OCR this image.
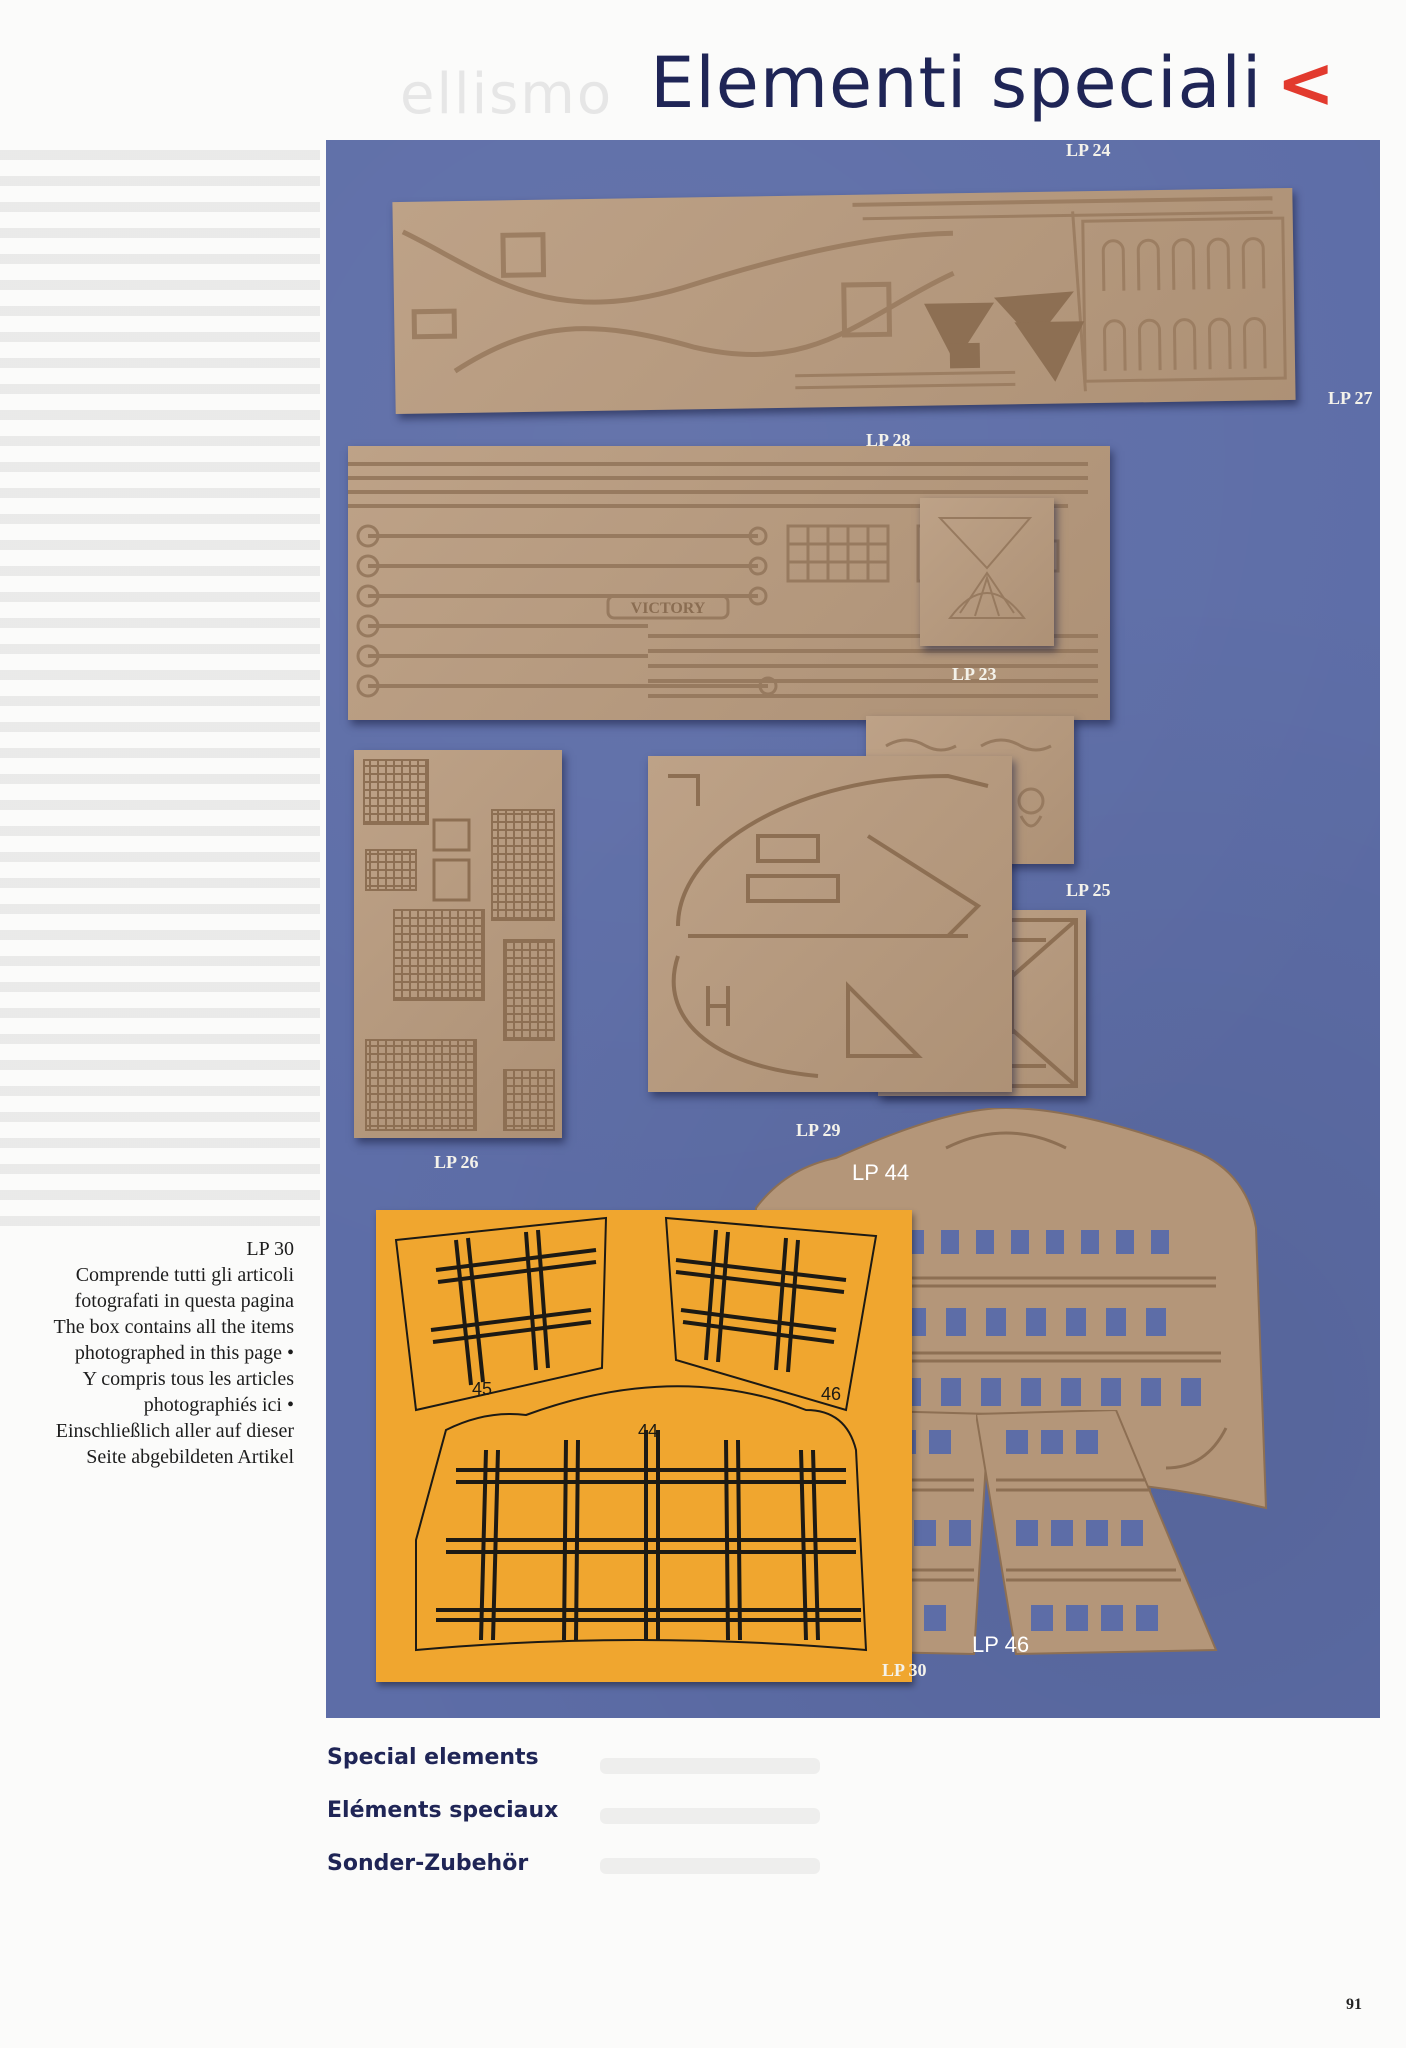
ellismo Elementi speciali <
LP 27
VICTORY
LP 28
LP 23
LP 25
LP 24
LP 26
LP 29
LP 44
LP 46
45	46
44
LP 30
LP 30
Comprende tutti gli articoli
fotografati in questa pagina
The box contains all the items
photographed in this page •
Y compris tous les articles
photographiés ici •
Einschließlich aller auf dieser
Seite abgebildeten Artikel
Special elements
Eléments speciaux
Sonder-Zubehör
91
